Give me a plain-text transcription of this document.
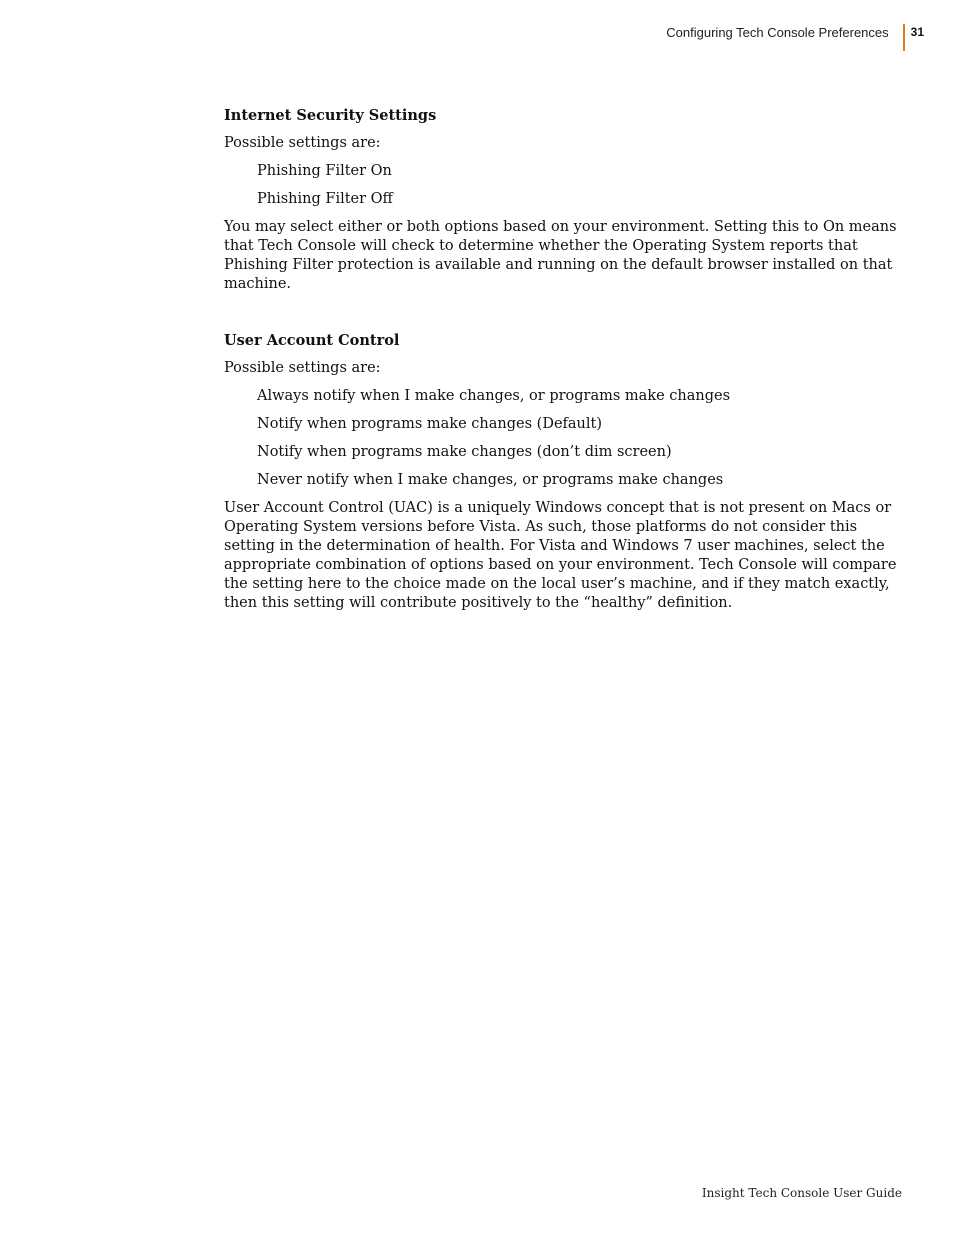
Configuring Tech Console Preferences 31
Internet Security Settings

Possible settings are:

Phishing Filter On
Phishing Filter Off

You may select either or both options based on your environment. Setting this to On means that Tech Console will check to determine whether the Operating System reports that Phishing Filter protection is available and running on the default browser installed on that machine.

User Account Control

Possible settings are:

Always notify when I make changes, or programs make changes
Notify when programs make changes (Default)
Notify when programs make changes (don’t dim screen)
Never notify when I make changes, or programs make changes

User Account Control (UAC) is a uniquely Windows concept that is not present on Macs or Operating System versions before Vista. As such, those platforms do not consider this setting in the determination of health. For Vista and Windows 7 user machines, select the appropriate combination of options based on your environment. Tech Console will compare the setting here to the choice made on the local user’s machine, and if they match exactly, then this setting will contribute positively to the “healthy” definition.

Insight Tech Console User Guide
